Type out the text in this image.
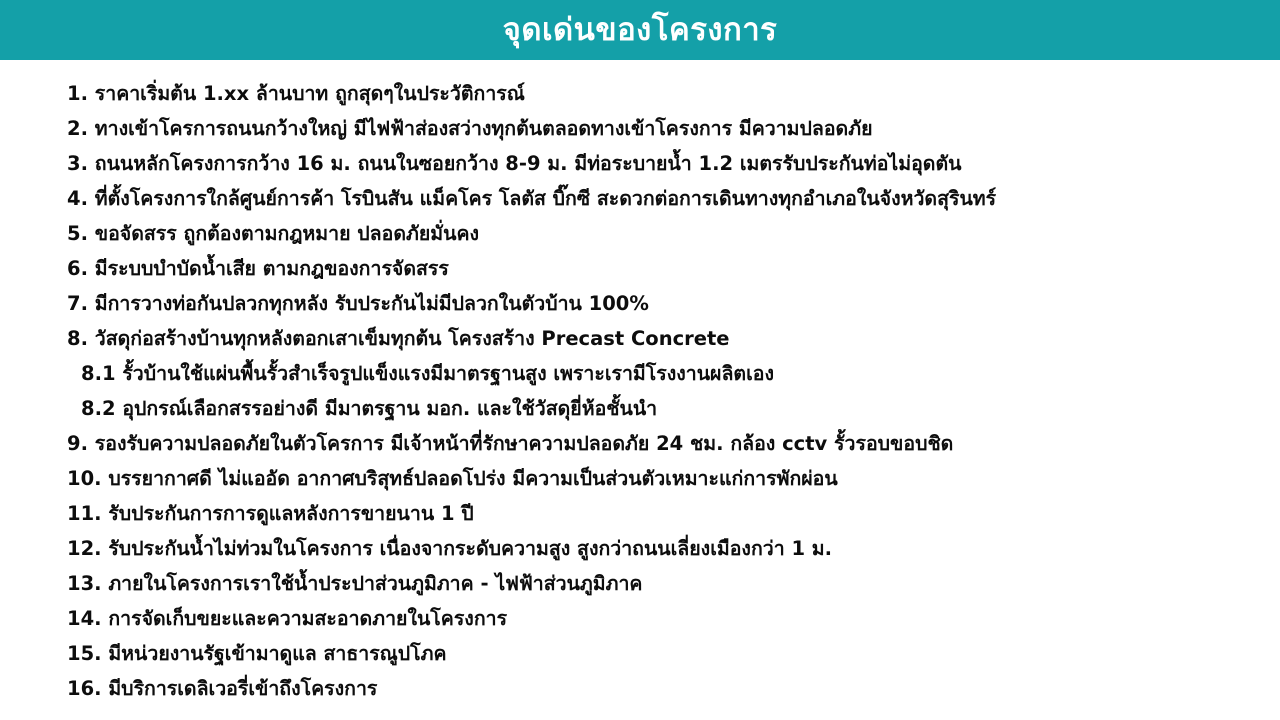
จุดเด่นของโครงการ
1. ราคาเริ่มต้น 1.xx ล้านบาท ถูกสุดๆในประวัติการณ์
2. ทางเข้าโครการถนนกว้างใหญ่ มีไฟฟ้าส่องสว่างทุกต้นตลอดทางเข้าโครงการ มีความปลอดภัย
3. ถนนหลักโครงการกว้าง 16 ม. ถนนในซอยกว้าง 8-9 ม. มีท่อระบายน้ำ 1.2 เมตรรับประกันท่อไม่อุดตัน
4. ที่ตั้งโครงการใกล้ศูนย์การค้า โรบินสัน แม็คโคร โลตัส บิ๊กซี สะดวกต่อการเดินทางทุกอำเภอในจังหวัดสุรินทร์
5. ขอจัดสรร ถูกต้องตามกฎหมาย ปลอดภัยมั่นคง
6. มีระบบบำบัดน้ำเสีย ตามกฎของการจัดสรร
7. มีการวางท่อกันปลวกทุกหลัง รับประกันไม่มีปลวกในตัวบ้าน 100%
8. วัสดุก่อสร้างบ้านทุกหลังตอกเสาเข็มทุกต้น โครงสร้าง Precast Concrete
8.1 รั้วบ้านใช้แผ่นพื้นรั้วสำเร็จรูปแข็งแรงมีมาตรฐานสูง เพราะเรามีโรงงานผลิตเอง
8.2 อุปกรณ์เลือกสรรอย่างดี มีมาตรฐาน มอก. และใช้วัสดุยี่ห้อชั้นนำ
9. รองรับความปลอดภัยในตัวโครการ มีเจ้าหน้าที่รักษาความปลอดภัย 24 ชม. กล้อง cctv รั้วรอบขอบชิด
10. บรรยากาศดี ไม่แออัด อากาศบริสุทธ์ปลอดโปร่ง มีความเป็นส่วนตัวเหมาะแก่การพักผ่อน
11. รับประกันการการดูแลหลังการขายนาน 1 ปี
12. รับประกันน้ำไม่ท่วมในโครงการ เนื่องจากระดับความสูง สูงกว่าถนนเลี่ยงเมืองกว่า 1 ม.
13. ภายในโครงการเราใช้น้ำประปาส่วนภูมิภาค - ไฟฟ้าส่วนภูมิภาค
14. การจัดเก็บขยะและความสะอาดภายในโครงการ
15. มีหน่วยงานรัฐเข้ามาดูแล สาธารณูปโภค
16. มีบริการเดลิเวอรี่เข้าถึงโครงการ
